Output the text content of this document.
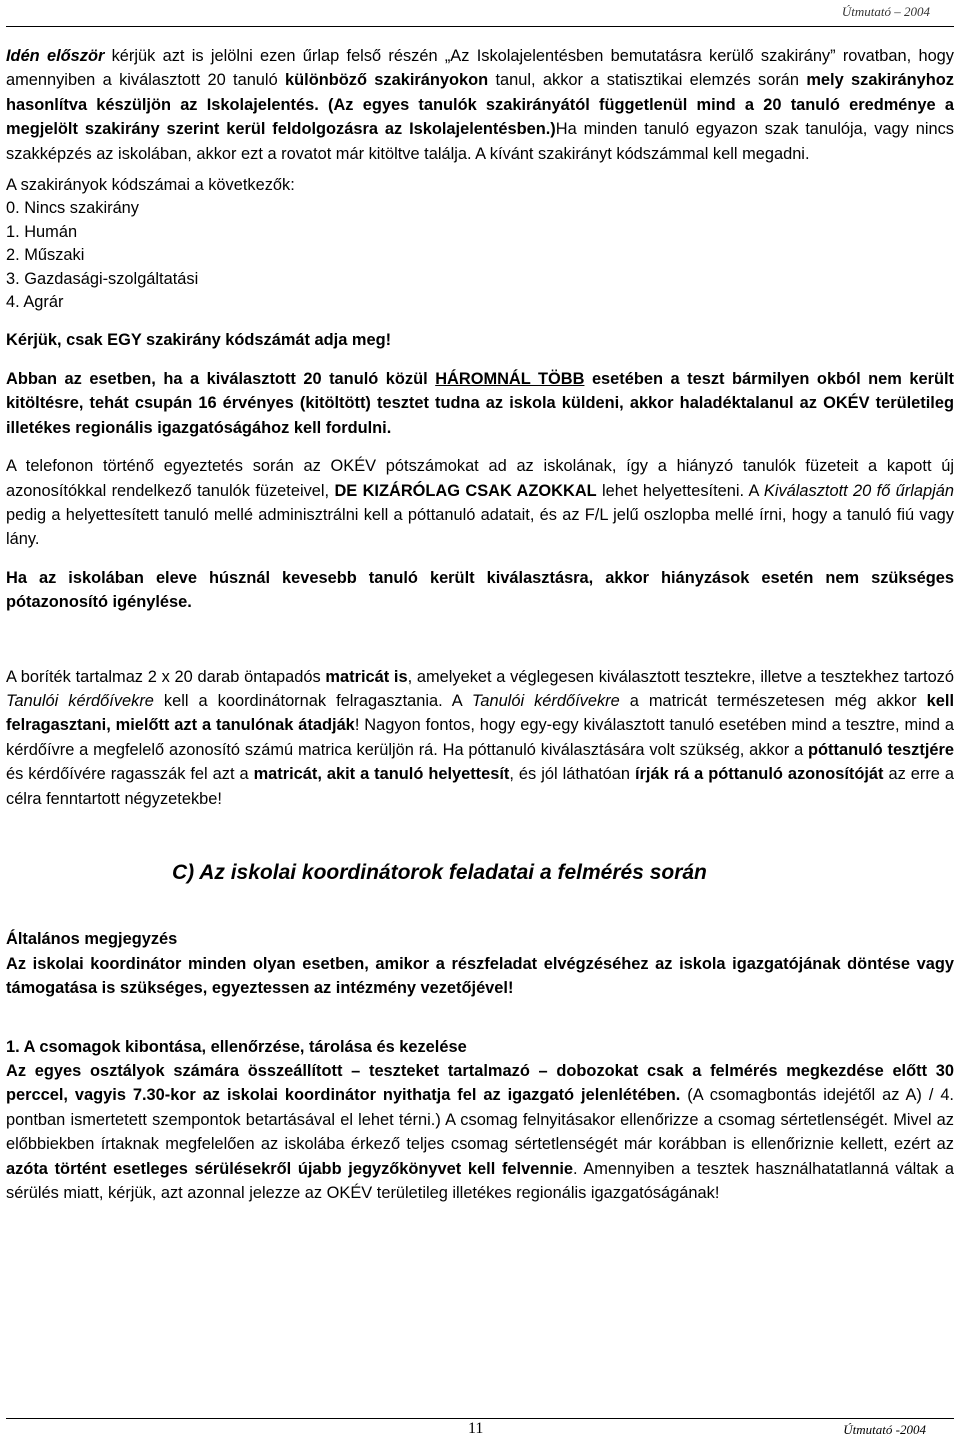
Útmutató – 2004

Idén először kérjük azt is jelölni ezen űrlap felső részén „Az Iskolajelentésben bemutatásra kerülő szakirány” rovatban, hogy amennyiben a kiválasztott 20 tanuló különböző szakirányokon tanul, akkor a statisztikai elemzés során mely szakirányhoz hasonlítva készüljön az Iskolajelentés. (Az egyes tanulók szakirányától függetlenül mind a 20 tanuló eredménye a megjelölt szakirány szerint kerül feldolgozásra az Iskolajelentésben.)Ha minden tanuló egyazon szak tanulója, vagy nincs szakképzés az iskolában, akkor ezt a rovatot már kitöltve találja. A kívánt szakirányt kódszámmal kell megadni.

A szakirányok kódszámai a következők:
0. Nincs szakirány
1. Humán
2. Műszaki
3. Gazdasági-szolgáltatási
4. Agrár

Kérjük, csak EGY szakirány kódszámát adja meg!

Abban az esetben, ha a kiválasztott 20 tanuló közül HÁROMNÁL TÖBB esetében a teszt bármilyen okból nem került kitöltésre, tehát csupán 16 érvényes (kitöltött) tesztet tudna az iskola küldeni, akkor haladéktalanul az OKÉV területileg illetékes regionális igazgatóságához kell fordulni.

A telefonon történő egyeztetés során az OKÉV pótszámokat ad az iskolának, így a hiányzó tanulók füzeteit a kapott új azonosítókkal rendelkező tanulók füzeteivel, DE KIZÁRÓLAG CSAK AZOKKAL lehet helyettesíteni. A Kiválasztott 20 fő űrlapján pedig a helyettesített tanuló mellé adminisztrálni kell a póttanuló adatait, és az F/L jelű oszlopba mellé írni, hogy a tanuló fiú vagy lány.

Ha az iskolában eleve húsznál kevesebb tanuló került kiválasztásra, akkor hiányzások esetén nem szükséges pótazonosító igénylése.

A boríték tartalmaz 2 x 20 darab öntapadós matricát is, amelyeket a véglegesen kiválasztott tesztekre, illetve a tesztekhez tartozó Tanulói kérdőívekre kell a koordinátornak felragasztania. A Tanulói kérdőívekre a matricát természetesen még akkor kell felragasztani, mielőtt azt a tanulónak átadják! Nagyon fontos, hogy egy-egy kiválasztott tanuló esetében mind a tesztre, mind a kérdőívre a megfelelő azonosító számú matrica kerüljön rá. Ha póttanuló kiválasztására volt szükség, akkor a póttanuló tesztjére és kérdőívére ragasszák fel azt a matricát, akit a tanuló helyettesít, és jól láthatóan írják rá a póttanuló azonosítóját az erre a célra fenntartott négyzetekbe!

C) Az iskolai koordinátorok feladatai a felmérés során

Általános megjegyzés

Az iskolai koordinátor minden olyan esetben, amikor a részfeladat elvégzéséhez az iskola igazgatójának döntése vagy támogatása is szükséges, egyeztessen az intézmény vezetőjével!

1. A csomagok kibontása, ellenőrzése, tárolása és kezelése

Az egyes osztályok számára összeállított – teszteket tartalmazó – dobozokat csak a felmérés megkezdése előtt 30 perccel, vagyis 7.30-kor az iskolai koordinátor nyithatja fel az igazgató jelenlétében. (A csomagbontás idejétől az A) / 4. pontban ismertetett szempontok betartásával el lehet térni.) A csomag felnyitásakor ellenőrizze a csomag sértetlenségét. Mivel az előbbiekben írtaknak megfelelően az iskolába érkező teljes csomag sértetlenségét már korábban is ellenőriznie kellett, ezért az azóta történt esetleges sérülésekről újabb jegyzőkönyvet kell felvennie. Amennyiben a tesztek használhatatlanná váltak a sérülés miatt, kérjük, azt azonnal jelezze az OKÉV területileg illetékes regionális igazgatóságának!

11	Útmutató -2004
